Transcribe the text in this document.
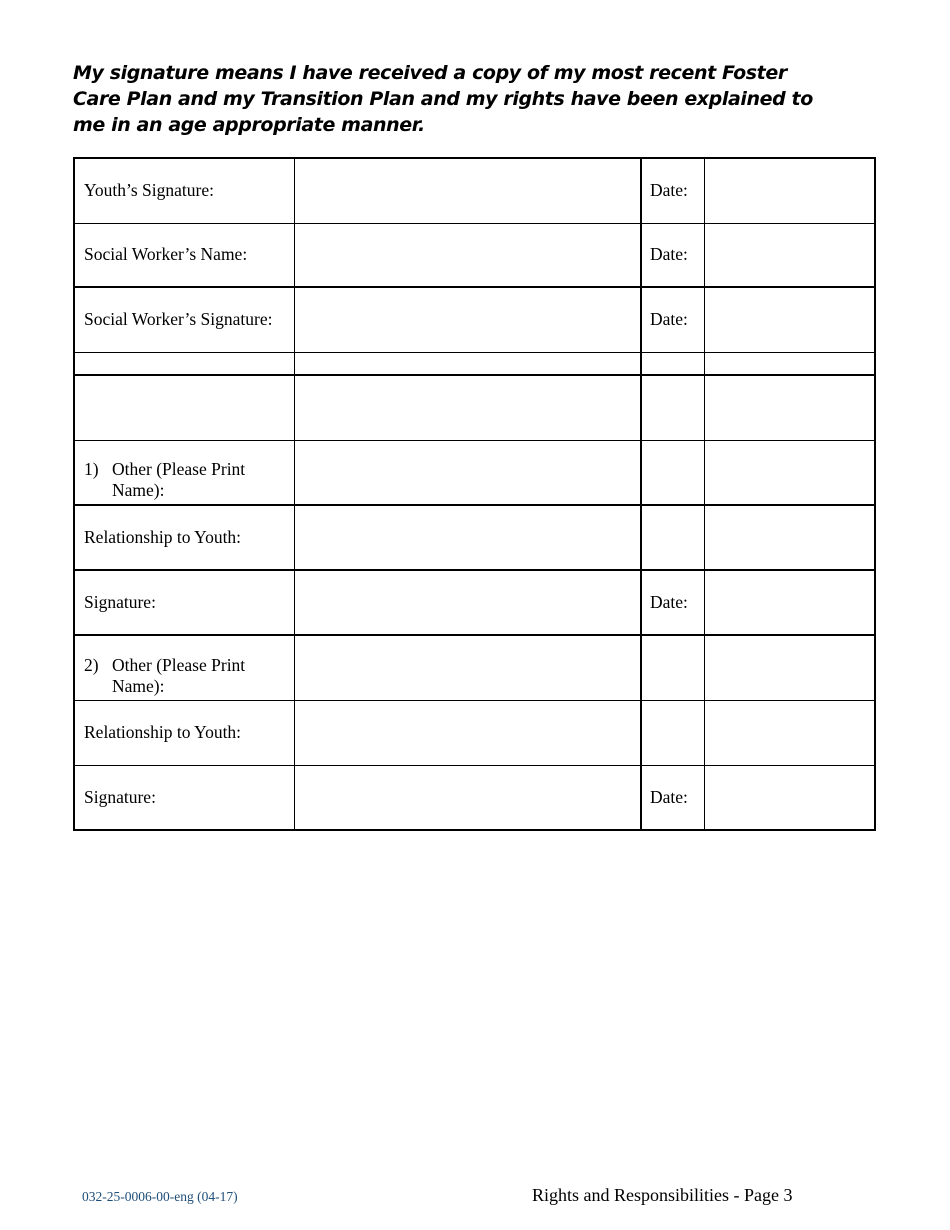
My signature means I have received a copy of my most recent Foster Care Plan and my Transition Plan and my rights have been explained to me in an age appropriate manner.

Youth’s Signature:		Date:	
Social Worker’s Name:		Date:	
Social Worker’s Signature:		Date:	

1) Other (Please Print Name):			

Relationship to Youth:			
Signature:		Date:	

2) Other (Please Print Name):			

Relationship to Youth:			
Signature:		Date:	
032-25-0006-00-eng (04-17)	Rights and Responsibilities - Page 3
